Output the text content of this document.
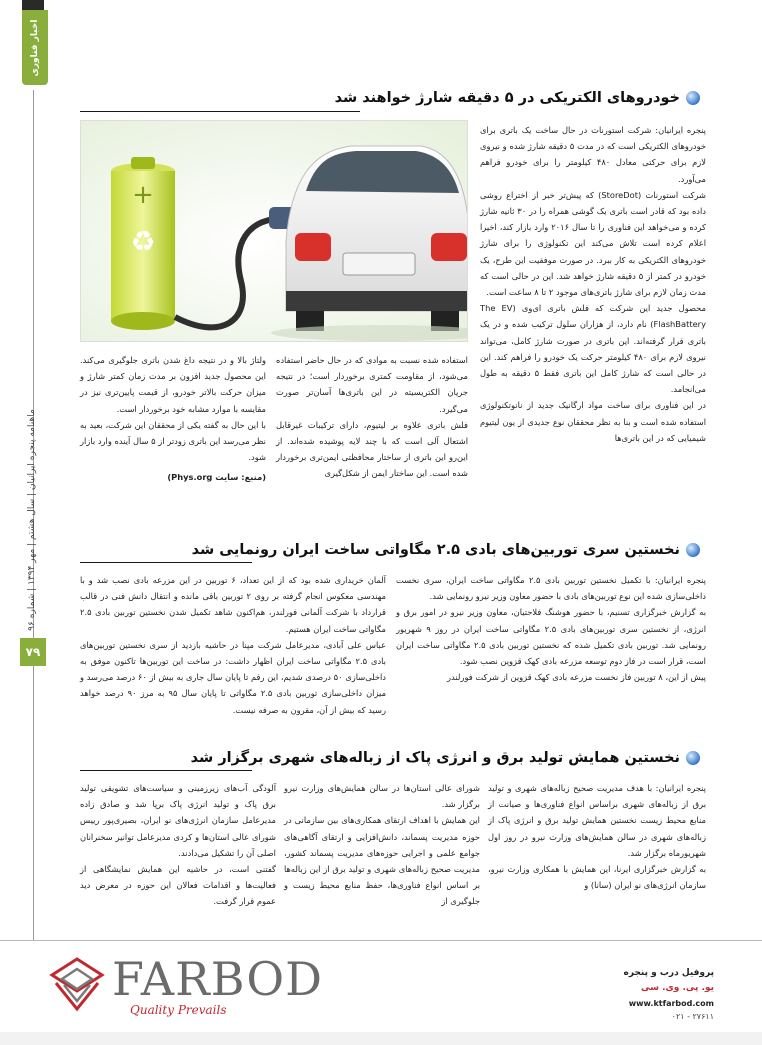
اخبار فناوری
ماهنامه پنجره ایرانیان | سال هشتم | مهر ۱۳۹۴ | شماره ۹۶
۷۹
خودروهای الکتریکی در ۵ دقیقه شارژ خواهند شد
+
♻

پنجره ایرانیان: شرکت استورنات در حال ساخت یک باتری برای خودروهای الکتریکی است که در مدت ۵ دقیقه شارژ شده و نیروی لازم برای حرکتی معادل ۴۸۰ کیلومتر را برای خودرو فراهم می‌آورد.

شرکت استورنات (StoreDot) که پیش‌تر خبر از اختراع روشی داده بود که قادر است باتری یک گوشی همراه را در ۳۰ ثانیه شارژ کرده و می‌خواهد این فناوری را تا سال ۲۰۱۶ وارد بازار کند، اخیرا اعلام کرده است تلاش می‌کند این تکنولوژی را برای شارژ خودروهای الکتریکی به کار ببرد. در صورت موفقیت این طرح، یک خودرو در کمتر از ۵ دقیقه شارژ خواهد شد. این در حالی است که مدت زمان لازم برای شارژ باتری‌های موجود ۲ تا ۸ ساعت است.

محصول جدید این شرکت که فلش باتری ای‌وی (The EV FlashBattery) نام دارد، از هزاران سلول ترکیب شده و در یک باتری قرار گرفته‌اند. این باتری در صورت شارژ کامل، می‌تواند نیروی لازم برای ۴۸۰ کیلومتر حرکت یک خودرو را فراهم کند. این در حالی است که شارژ کامل این باتری فقط ۵ دقیقه به طول می‌انجامد.

در این فناوری برای ساخت مواد ارگانیک جدید از نانوتکنولوژی استفاده شده است و بنا به نظر محققان نوع جدیدی از یون لیتیوم شیمیایی که در این باتری‌ها

استفاده شده نسبت به موادی که در حال حاضر استفاده می‌شود، از مقاومت کمتری برخوردار است؛ در نتیجه جریان الکتریسیته در این باتری‌ها آسان‌تر صورت می‌گیرد.

فلش باتری علاوه بر لیتیوم، دارای ترکیبات غیرقابل اشتعال آلی است که با چند لایه پوشیده شده‌اند. از این‌رو این باتری از ساختار محافظتی ایمن‌تری برخوردار شده است. این ساختار ایمن از شکل‌گیری

ولتاژ بالا و در نتیجه داغ شدن باتری جلوگیری می‌کند. این محصول جدید افزون بر مدت زمان کمتر شارژ و میزان حرکت بالاتر خودرو، از قیمت پایین‌تری نیز در مقایسه با موارد مشابه خود برخوردار است.

با این حال به گفته یکی از محققان این شرکت، بعید به نظر می‌رسد این باتری زودتر از ۵ سال آینده وارد بازار شود.

(منبع: سایت Phys.org)

نخستین سری توربین‌های بادی ۲.۵ مگاواتی ساخت ایران رونمایی شد

پنجره ایرانیان: با تکمیل نخستین توربین بادی ۲.۵ مگاواتی ساخت ایران، سری نخست داخلی‌سازی شده این نوع توربین‌های بادی با حضور معاون وزیر نیرو رونمایی شد.

به گزارش خبرگزاری تسنیم، با حضور هوشنگ فلاحتیان، معاون وزیر نیرو در امور برق و انرژی، از نخستین سری توربین‌های بادی ۲.۵ مگاواتی ساخت ایران در روز ۹ شهریور رونمایی شد. توربین بادی تکمیل شده که نخستین توربین بادی ۲.۵ مگاواتی ساخت ایران است، قرار است در فاز دوم توسعه مزرعه بادی کهک قزوین نصب شود.

پیش از این، ۸ توربین فاز نخست مزرعه بادی کهک قزوین از شرکت فورلندر

آلمان خریداری شده بود که از این تعداد، ۶ توربین در این مزرعه بادی نصب شد و با مهندسی معکوس انجام گرفته بر روی ۲ توربین باقی مانده و انتقال دانش فنی در قالب قرارداد با شرکت آلمانی فورلندر، هم‌اکنون شاهد تکمیل شدن نخستین توربین بادی ۲.۵ مگاواتی ساخت ایران هستیم.

عباس علی آبادی، مدیرعامل شرکت مپنا در حاشیه بازدید از سری نخستین توربین‌های بادی ۲.۵ مگاواتی ساخت ایران اظهار داشت: در ساخت این توربین‌ها تاکنون موفق به داخلی‌سازی ۵۰ درصدی شدیم، این رقم تا پایان سال جاری به بیش از ۶۰ درصد می‌رسد و میزان داخلی‌سازی توربین بادی ۲.۵ مگاواتی تا پایان سال ۹۵ به مرز ۹۰ درصد خواهد رسید که بیش از آن، مقرون به صرفه نیست.

نخستین همایش تولید برق و انرژی پاک از زباله‌های شهری برگزار شد

پنجره ایرانیان: با هدف مدیریت صحیح زباله‌های شهری و تولید برق از زباله‌های شهری براساس انواع فناوری‌ها و صیانت از منابع محیط زیست نخستین همایش تولید برق و انرژی پاک از زباله‌های شهری در سالن همایش‌های وزارت نیرو در روز اول شهریورماه برگزار شد.

به گزارش خبرگزاری ایرنا، این همایش با همکاری وزارت نیرو، سازمان انرژی‌های نو ایران (سانا) و

شورای عالی استان‌ها در سالن همایش‌های وزارت نیرو برگزار شد.

این همایش با اهداف ارتقای همکاری‌های بین سازمانی در حوزه مدیریت پسماند، دانش‌افزایی و ارتقای آگاهی‌های جوامع علمی و اجرایی حوزه‌های مدیریت پسماند کشور، مدیریت صحیح زباله‌های شهری و تولید برق از این زباله‌ها بر اساس انواع فناوری‌ها، حفظ منابع محیط زیست و جلوگیری از

آلودگی آب‌های زیرزمینی و سیاست‌های تشویقی تولید برق پاک و تولید انرژی پاک برپا شد و صادق زاده مدیرعامل سازمان انرژی‌های نو ایران، بصیری‌پور رییس شورای عالی استان‌ها و کردی مدیرعامل توانیر سخنرانان اصلی آن را تشکیل می‌دادند.

گفتنی است، در حاشیه این همایش نمایشگاهی از فعالیت‌ها و اقدامات فعالان این حوزه در معرض دید عموم قرار گرفت.

FARBOD
Quality Prevails
پروفیل درب و پنجره
یو. پی. وی. سی
www.ktfarbod.com
۰۲۱ - ۲۷۶۱۱
